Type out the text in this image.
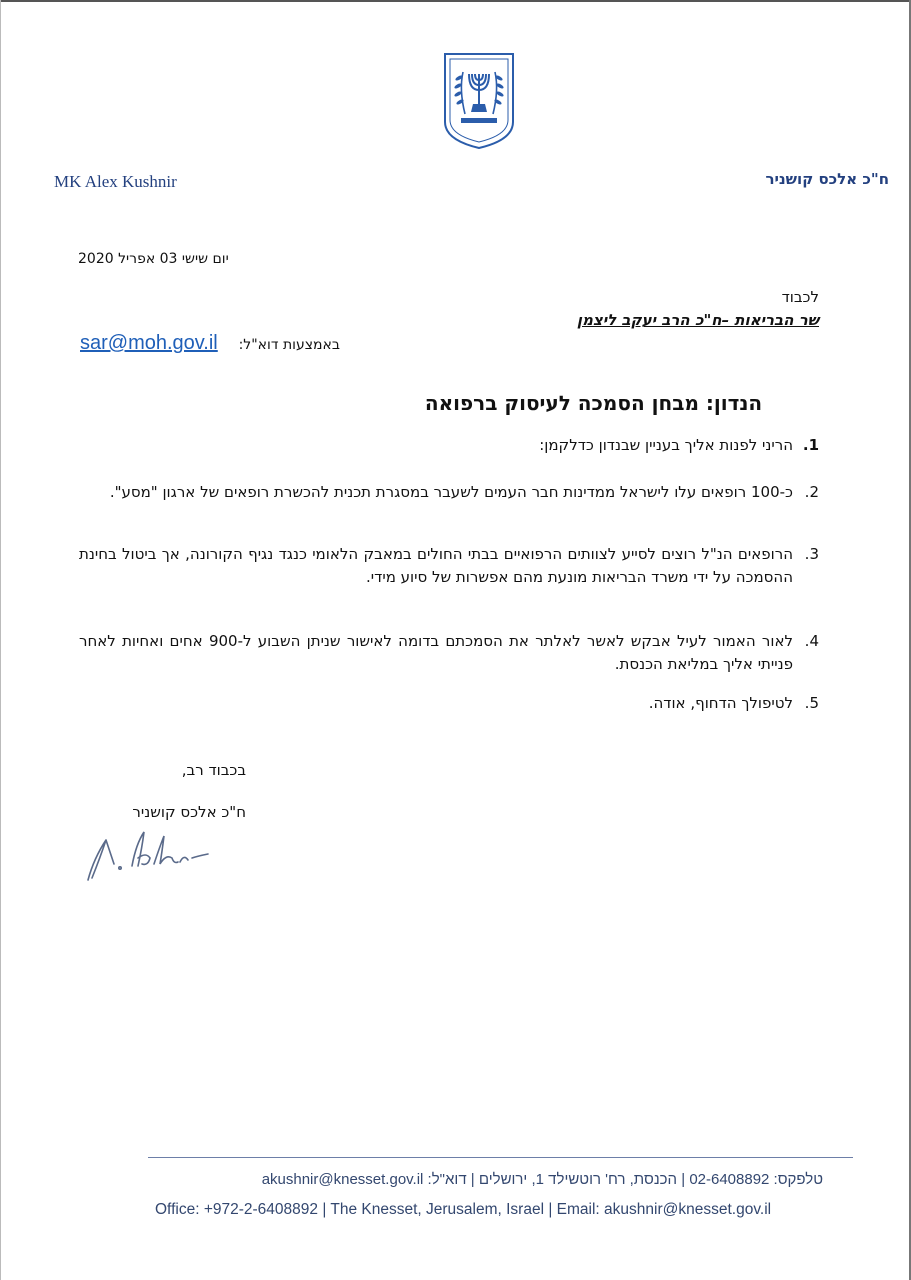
MK Alex Kushnir	ח"כ אלכס קושניר
יום שישי 03 אפריל 2020
לכבוד
שר הבריאות –ח"כ הרב יעקב ליצמן
sar@moh.gov.il באמצעות דוא"ל:
הנדון: מבחן הסמכה לעיסוק ברפואה
1.
הריני לפנות אליך בעניין שבנדון כדלקמן:
2.
כ-100 רופאים עלו לישראל ממדינות חבר העמים לשעבר במסגרת תכנית להכשרת רופאים של ארגון "מסע".
3.
הרופאים הנ"ל רוצים לסייע לצוותים הרפואיים בבתי החולים במאבק הלאומי כנגד נגיף הקורונה, אך ביטול בחינת ההסמכה על ידי משרד הבריאות מונעת מהם אפשרות של סיוע מידי.
4.
לאור האמור לעיל אבקש לאשר לאלתר את הסמכתם בדומה לאישור שניתן השבוע ל-900 אחים ואחיות לאחר פנייתי אליך במליאת הכנסת.
5.
לטיפולך הדחוף, אודה.
בכבוד רב,
ח"כ אלכס קושניר
טלפקס: 02-6408892 | הכנסת, רח' רוטשילד 1, ירושלים | דוא"ל: akushnir@knesset.gov.il
Office: +972-2-6408892 | The Knesset, Jerusalem, Israel | Email: akushnir@knesset.gov.il
